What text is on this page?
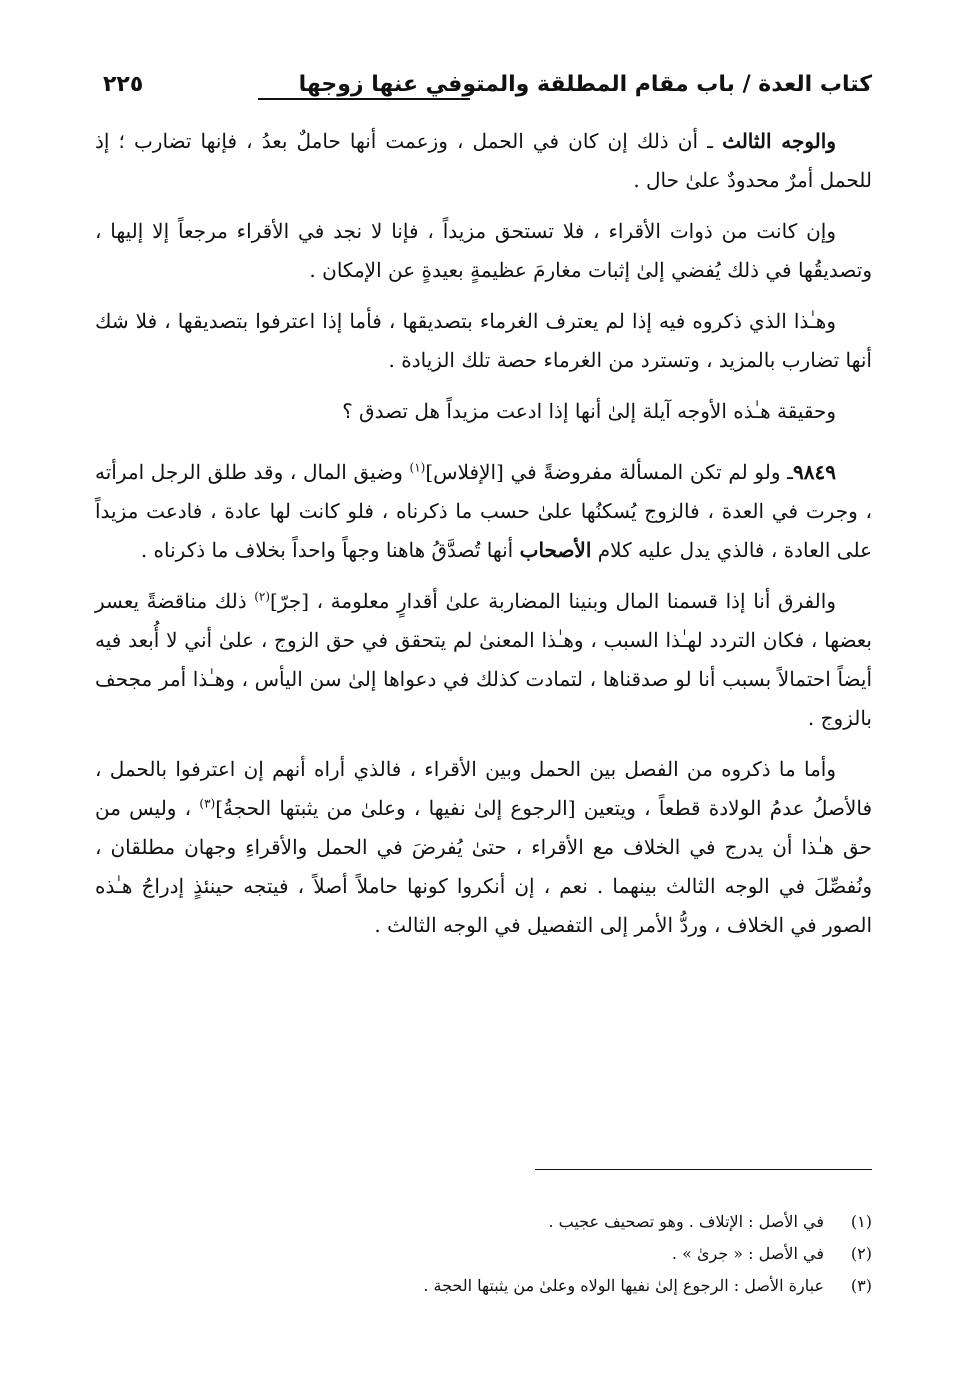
كتاب العدة / باب مقام المطلقة والمتوفي عنها زوجها
٢٢٥

والوجه الثالث ـ أن ذلك إن كان في الحمل ، وزعمت أنها حاملٌ بعدُ ، فإنها تضارب ؛ إذ للحمل أمرٌ محدودٌ علىٰ حال .

وإن كانت من ذوات الأقراء ، فلا تستحق مزيداً ، فإنا لا نجد في الأقراء مرجعاً إلا إليها ، وتصديقُها في ذلك يُفضي إلىٰ إثبات مغارمَ عظيمةٍ بعيدةٍ عن الإمكان .

وهـٰذا الذي ذكروه فيه إذا لم يعترف الغرماء بتصديقها ، فأما إذا اعترفوا بتصديقها ، فلا شك أنها تضارب بالمزيد ، وتسترد من الغرماء حصة تلك الزيادة .

وحقيقة هـٰذه الأوجه آيلة إلىٰ أنها إذا ادعت مزيداً هل تصدق ؟

٩٨٤٩ـ ولو لم تكن المسألة مفروضةً في [الإفلاس]$^{(١)}$ وضيق المال ، وقد طلق الرجل امرأته ، وجرت في العدة ، فالزوج يُسكنُها علىٰ حسب ما ذكرناه ، فلو كانت لها عادة ، فادعت مزيداً على العادة ، فالذي يدل عليه كلام الأصحاب أنها تُصدَّقُ هاهنا وجهاً واحداً بخلاف ما ذكرناه .

والفرق أنا إذا قسمنا المال وبنينا المضاربة علىٰ أقدارٍ معلومة ، [جرّ]$^{(٢)}$ ذلك مناقضةً يعسر بعضها ، فكان التردد لهـٰذا السبب ، وهـٰذا المعنىٰ لم يتحقق في حق الزوج ، علىٰ أني لا أُبعد فيه أيضاً احتمالاً بسبب أنا لو صدقناها ، لتمادت كذلك في دعواها إلىٰ سن اليأس ، وهـٰذا أمر مجحف بالزوج .

وأما ما ذكروه من الفصل بين الحمل وبين الأقراء ، فالذي أراه أنهم إن اعترفوا بالحمل ، فالأصلُ عدمُ الولادة قطعاً ، ويتعين [الرجوع إلىٰ نفيها ، وعلىٰ من يثبتها الحجةُ]$^{(٣)}$ ، وليس من حق هـٰذا أن يدرج في الخلاف مع الأقراء ، حتىٰ يُفرضَ في الحمل والأقراءِ وجهان مطلقان ، ونُفصِّلَ في الوجه الثالث بينهما . نعم ، إن أنكروا كونها حاملاً أصلاً ، فيتجه حينئذٍ إدراجُ هـٰذه الصور في الخلاف ، وردُّ الأمر إلى التفصيل في الوجه الثالث .

(١)في الأصل : الإتلاف . وهو تصحيف عجيب .
(٢)في الأصل : « جرىٰ » .
(٣)عبارة الأصل : الرجوع إلىٰ نفيها الولاه وعلىٰ من يثبتها الحجة .
